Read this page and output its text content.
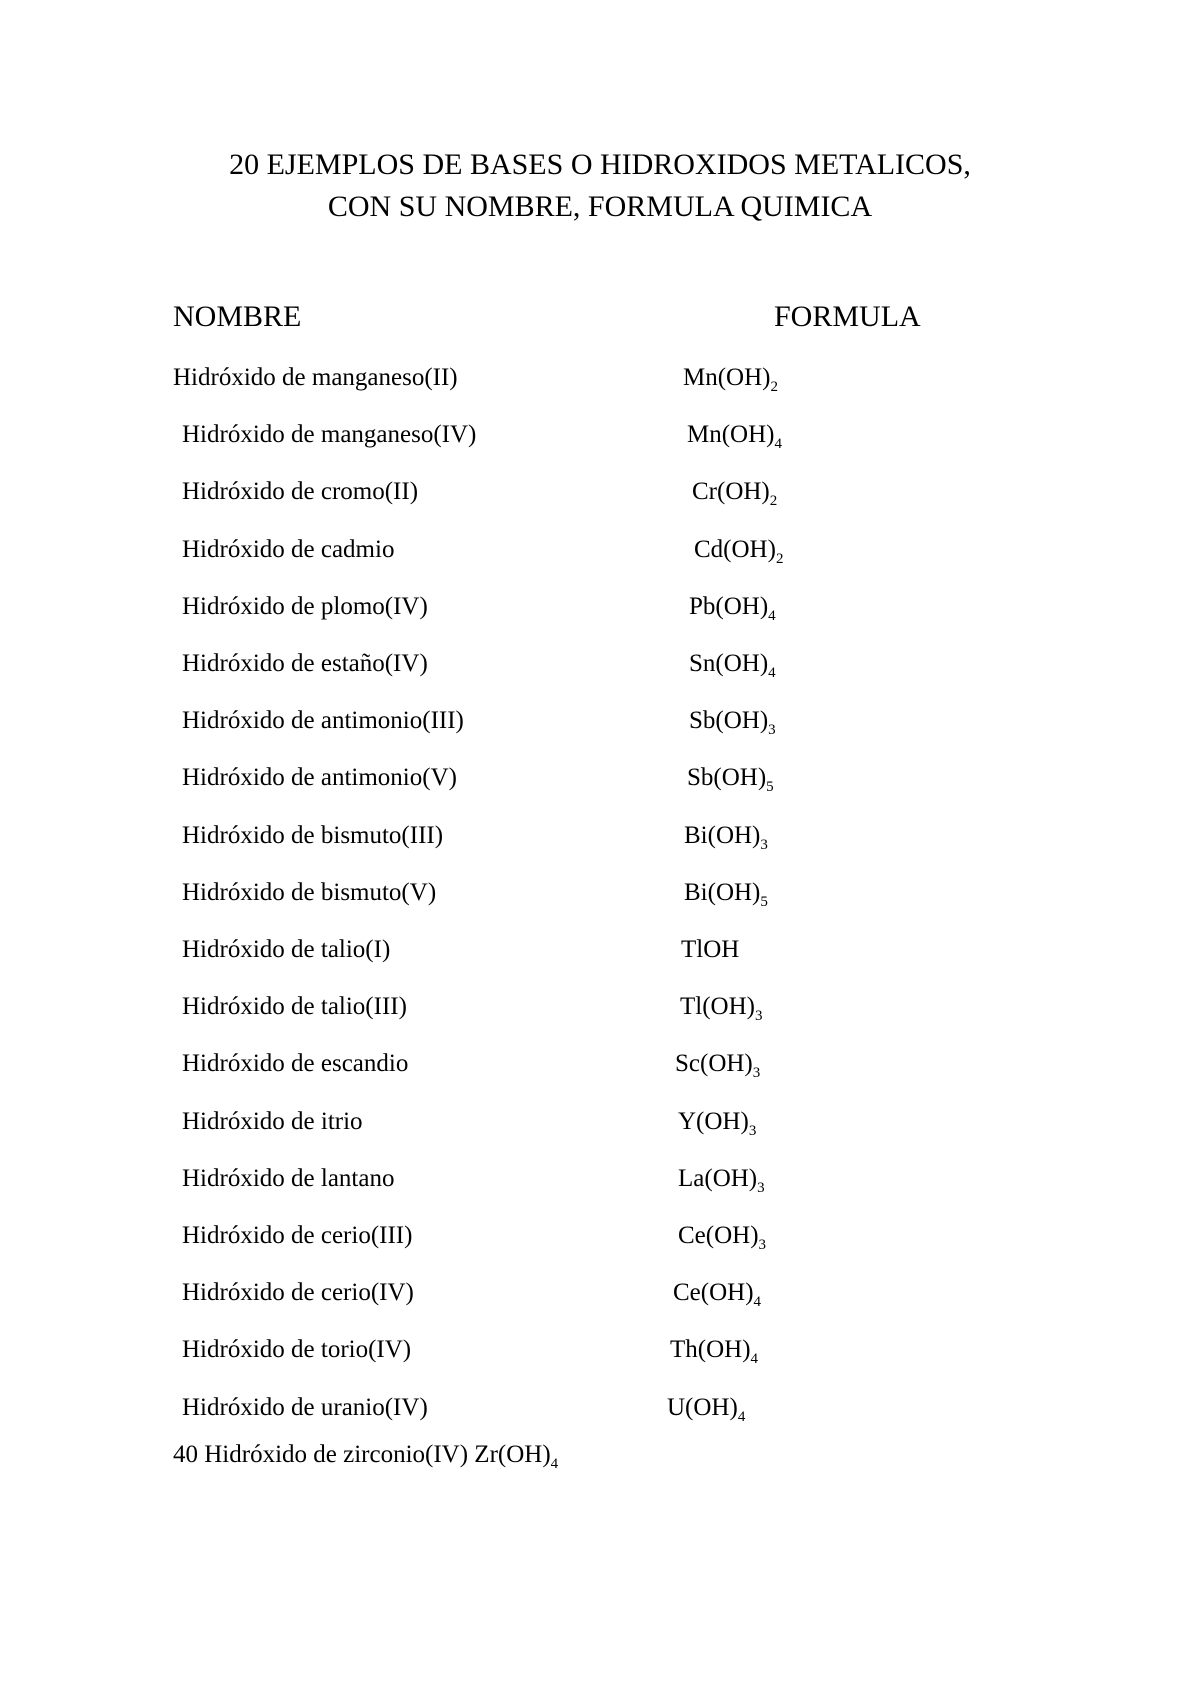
20 EJEMPLOS DE BASES O HIDROXIDOS METALICOS,
CON SU NOMBRE, FORMULA QUIMICA
NOMBRE	FORMULA
Hidróxido de manganeso(II)	$Mn(OH)_2$
Hidróxido de manganeso(IV)	$Mn(OH)_4$
Hidróxido de cromo(II)	$Cr(OH)_2$
Hidróxido de cadmio	$Cd(OH)_2$
Hidróxido de plomo(IV)	$Pb(OH)_4$
Hidróxido de estaño(IV)	$Sn(OH)_4$
Hidróxido de antimonio(III)	$Sb(OH)_3$
Hidróxido de antimonio(V)	$Sb(OH)_5$
Hidróxido de bismuto(III)	$Bi(OH)_3$
Hidróxido de bismuto(V)	$Bi(OH)_5$
Hidróxido de talio(I)	TlOH
Hidróxido de talio(III)	$Tl(OH)_3$
Hidróxido de escandio	$Sc(OH)_3$
Hidróxido de itrio	$Y(OH)_3$
Hidróxido de lantano	$La(OH)_3$
Hidróxido de cerio(III)	$Ce(OH)_3$
Hidróxido de cerio(IV)	$Ce(OH)_4$
Hidróxido de torio(IV)	$Th(OH)_4$
Hidróxido de uranio(IV)	$U(OH)_4$
40 Hidróxido de zirconio(IV) $Zr(OH)_4$
